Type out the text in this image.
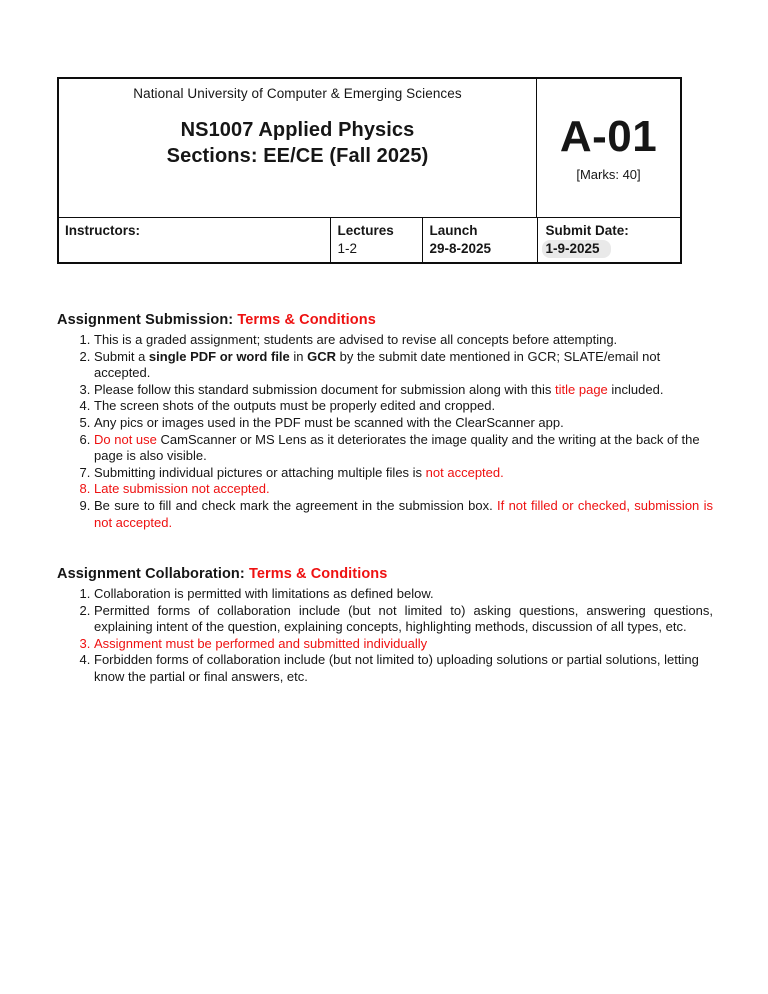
National University of Computer & Emerging Sciences
NS1007 Applied Physics
Sections: EE/CE (Fall 2025)	A-01
[Marks: 40]
Instructors:	Lectures
1-2
Launch
29-8-2025
Submit Date:
1-9-2025
Assignment Submission: Terms & Conditions
1. This is a graded assignment; students are advised to revise all concepts before attempting.
2. Submit a single PDF or word file in GCR by the submit date mentioned in GCR; SLATE/email not accepted.
3. Please follow this standard submission document for submission along with this title page included.
4. The screen shots of the outputs must be properly edited and cropped.
5. Any pics or images used in the PDF must be scanned with the ClearScanner app.
6. Do not use CamScanner or MS Lens as it deteriorates the image quality and the writing at the back of the page is also visible.
7. Submitting individual pictures or attaching multiple files is not accepted.
8. Late submission not accepted.
9. Be sure to fill and check mark the agreement in the submission box. If not filled or checked, submission is not accepted.
Assignment Collaboration: Terms & Conditions
1. Collaboration is permitted with limitations as defined below.
2. Permitted forms of collaboration include (but not limited to) asking questions, answering questions, explaining intent of the question, explaining concepts, highlighting methods, discussion of all types, etc.
3. Assignment must be performed and submitted individually
4. Forbidden forms of collaboration include (but not limited to) uploading solutions or partial solutions, letting know the partial or final answers, etc.
